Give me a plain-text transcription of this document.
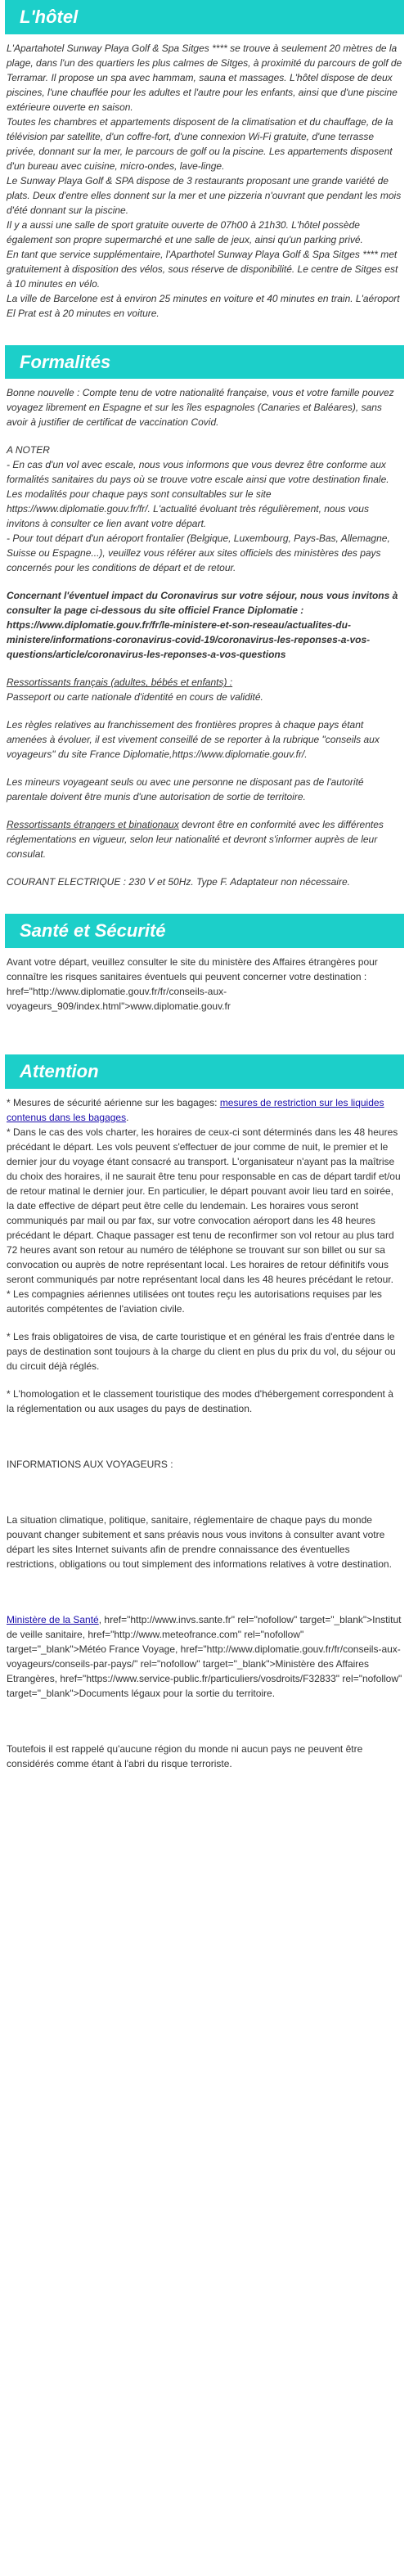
L'hôtel

L'Apartahotel Sunway Playa Golf & Spa Sitges **** se trouve à seulement 20 mètres de la plage, dans l'un des quartiers les plus calmes de Sitges, à proximité du parcours de golf de Terramar. Il propose un spa avec hammam, sauna et massages. L'hôtel dispose de deux piscines, l'une chauffée pour les adultes et l'autre pour les enfants, ainsi que d'une piscine extérieure ouverte en saison.

Toutes les chambres et appartements disposent de la climatisation et du chauffage, de la télévision par satellite, d'un coffre-fort, d'une connexion Wi-Fi gratuite, d'une terrasse privée, donnant sur la mer, le parcours de golf ou la piscine. Les appartements disposent d'un bureau avec cuisine, micro-ondes, lave-linge.

Le Sunway Playa Golf & SPA dispose de 3 restaurants proposant une grande variété de plats. Deux d'entre elles donnent sur la mer et une pizzeria n'ouvrant que pendant les mois d'été donnant sur la piscine.

Il y a aussi une salle de sport gratuite ouverte de 07h00 à 21h30. L'hôtel possède également son propre supermarché et une salle de jeux, ainsi qu'un parking privé.

En tant que service supplémentaire, l'Aparthotel Sunway Playa Golf & Spa Sitges **** met gratuitement à disposition des vélos, sous réserve de disponibilité. Le centre de Sitges est à 10 minutes en vélo.

La ville de Barcelone est à environ 25 minutes en voiture et 40 minutes en train. L'aéroport El Prat est à 20 minutes en voiture.

Formalités

Bonne nouvelle : Compte tenu de votre nationalité française, vous et votre famille pouvez voyagez librement en Espagne et sur les îles espagnoles (Canaries et Baléares), sans avoir à justifier de certificat de vaccination Covid.

A NOTER

- En cas d'un vol avec escale, nous vous informons que vous devrez être conforme aux formalités sanitaires du pays où se trouve votre escale ainsi que votre destination finale.

Les modalités pour chaque pays sont consultables sur le site https://www.diplomatie.gouv.fr/fr/. L'actualité évoluant très régulièrement, nous vous invitons à consulter ce lien avant votre départ.

- Pour tout départ d'un aéroport frontalier (Belgique, Luxembourg, Pays-Bas, Allemagne, Suisse ou Espagne...), veuillez vous référer aux sites officiels des ministères des pays concernés pour les conditions de départ et de retour.

Concernant l'éventuel impact du Coronavirus sur votre séjour, nous vous invitons à consulter la page ci-dessous du site officiel France Diplomatie : https://www.diplomatie.gouv.fr/fr/le-ministere-et-son-reseau/actualites-du-ministere/informations-coronavirus-covid-19/coronavirus-les-reponses-a-vos-questions/article/coronavirus-les-reponses-a-vos-questions

Ressortissants français (adultes, bébés et enfants) :

Passeport ou carte nationale d'identité en cours de validité.

Les règles relatives au franchissement des frontières propres à chaque pays étant amenées à évoluer, il est vivement conseillé de se reporter à la rubrique "conseils aux voyageurs" du site France Diplomatie,https://www.diplomatie.gouv.fr/.

Les mineurs voyageant seuls ou avec une personne ne disposant pas de l'autorité parentale doivent être munis d'une autorisation de sortie de territoire.

Ressortissants étrangers et binationaux devront être en conformité avec les différentes réglementations en vigueur, selon leur nationalité et devront s'informer auprès de leur consulat.

COURANT ELECTRIQUE : 230 V et 50Hz. Type F. Adaptateur non nécessaire.

Santé et Sécurité

Avant votre départ, veuillez consulter le site du ministère des Affaires étrangères pour connaître les risques sanitaires éventuels qui peuvent concerner votre destination : href="http://www.diplomatie.gouv.fr/fr/conseils-aux-voyageurs_909/index.html">www.diplomatie.gouv.fr

Attention

* Mesures de sécurité aérienne sur les bagages: mesures de restriction sur les liquides contenus dans les bagages.

* Dans le cas des vols charter, les horaires de ceux-ci sont déterminés dans les 48 heures précédant le départ. Les vols peuvent s'effectuer de jour comme de nuit, le premier et le dernier jour du voyage étant consacré au transport. L'organisateur n'ayant pas la maîtrise du choix des horaires, il ne saurait être tenu pour responsable en cas de départ tardif et/ou de retour matinal le dernier jour. En particulier, le départ pouvant avoir lieu tard en soirée, la date effective de départ peut être celle du lendemain. Les horaires vous seront communiqués par mail ou par fax, sur votre convocation aéroport dans les 48 heures précédant le départ. Chaque passager est tenu de reconfirmer son vol retour au plus tard 72 heures avant son retour au numéro de téléphone se trouvant sur son billet ou sur sa convocation ou auprès de notre représentant local. Les horaires de retour définitifs vous seront communiqués par notre représentant local dans les 48 heures précédant le retour.

* Les compagnies aériennes utilisées ont toutes reçu les autorisations requises par les autorités compétentes de l'aviation civile.

* Les frais obligatoires de visa, de carte touristique et en général les frais d'entrée dans le pays de destination sont toujours à la charge du client en plus du prix du vol, du séjour ou du circuit déjà réglés.

* L'homologation et le classement touristique des modes d'hébergement correspondent à la réglementation ou aux usages du pays de destination.

INFORMATIONS AUX VOYAGEURS :

La situation climatique, politique, sanitaire, réglementaire de chaque pays du monde pouvant changer subitement et sans préavis nous vous invitons à consulter avant votre départ les sites Internet suivants afin de prendre connaissance des éventuelles restrictions, obligations ou tout simplement des informations relatives à votre destination.

Ministère de la Santé, href="http://www.invs.sante.fr" rel="nofollow" target="_blank">Institut de veille sanitaire, href="http://www.meteofrance.com" rel="nofollow" target="_blank">Météo France Voyage, href="http://www.diplomatie.gouv.fr/fr/conseils-aux-voyageurs/conseils-par-pays/" rel="nofollow" target="_blank">Ministère des Affaires Etrangères, href="https://www.service-public.fr/particuliers/vosdroits/F32833" rel="nofollow" target="_blank">Documents légaux pour la sortie du territoire.

Toutefois il est rappelé qu'aucune région du monde ni aucun pays ne peuvent être considérés comme étant à l'abri du risque terroriste.
